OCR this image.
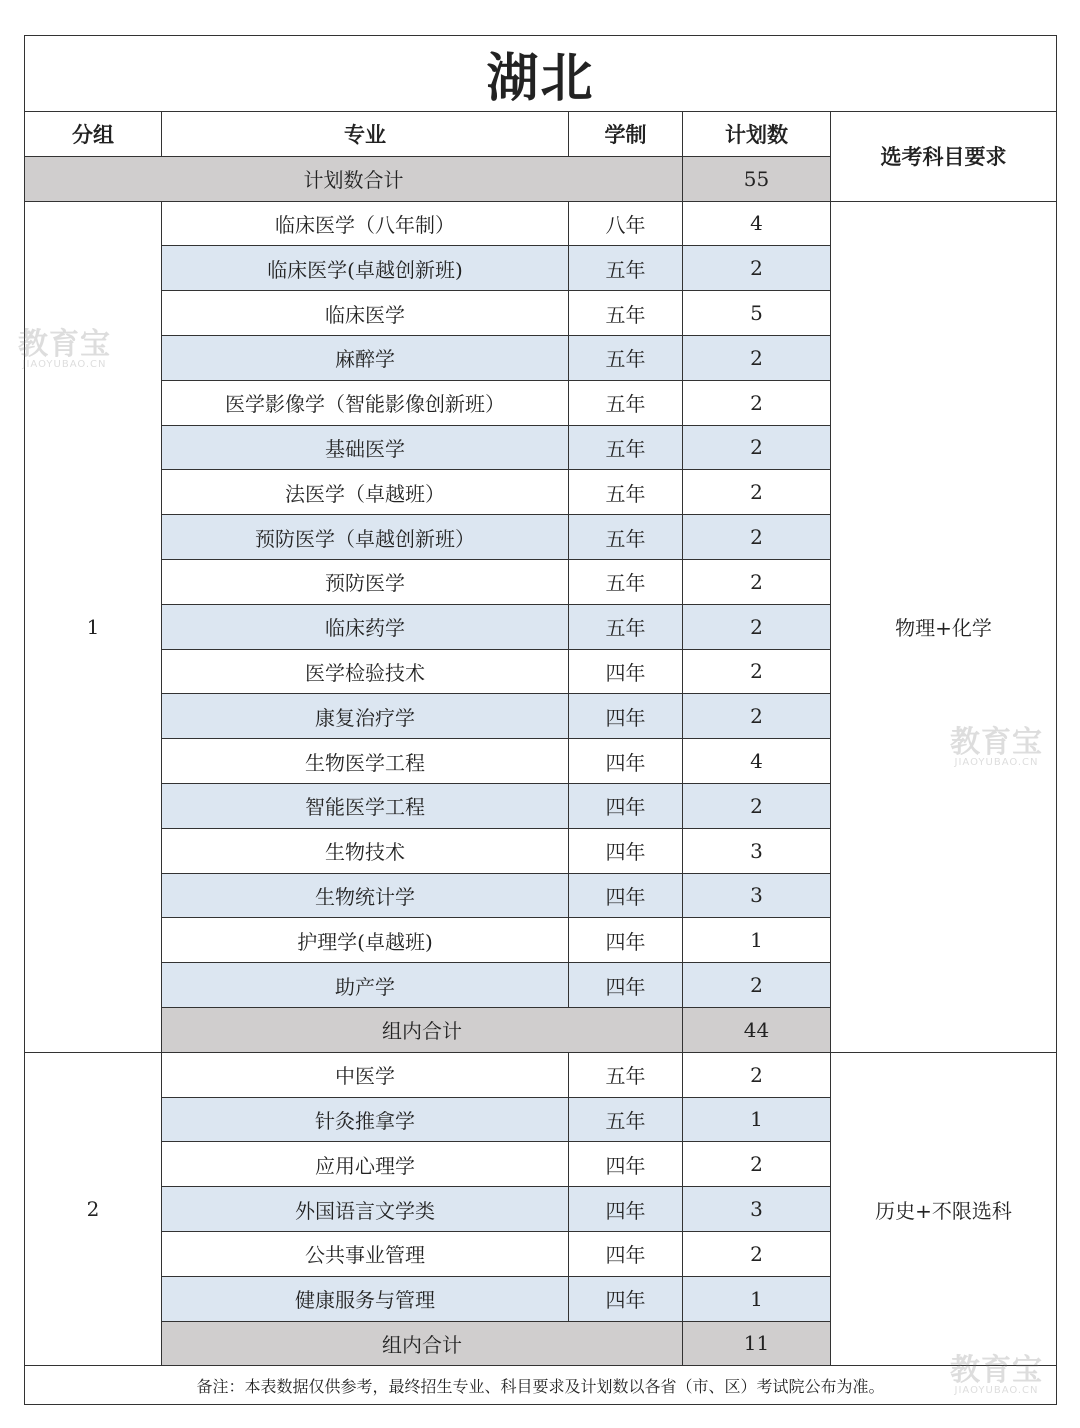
湖北				
分组	专业	学制	计划数	选考科目要求
计划数合计			55	
1	临床医学（八年制）	八年	4	物理+化学
	临床医学(卓越创新班)	五年	2	
	临床医学	五年	5	
	麻醉学	五年	2	
	医学影像学（智能影像创新班）	五年	2	
	基础医学	五年	2	
	法医学（卓越班）	五年	2	
	预防医学（卓越创新班）	五年	2	
	预防医学	五年	2	
	临床药学	五年	2	
	医学检验技术	四年	2	
	康复治疗学	四年	2	
	生物医学工程	四年	4	
	智能医学工程	四年	2	
	生物技术	四年	3	
	生物统计学	四年	3	
	护理学(卓越班)	四年	1	
	助产学	四年	2	
	组内合计		44	
2	中医学	五年	2	历史+不限选科
	针灸推拿学	五年	1	
	应用心理学	四年	2	
	外国语言文学类	四年	3	
	公共事业管理	四年	2	
	健康服务与管理	四年	1	
	组内合计		11	
备注：本表数据仅供参考，最终招生专业、科目要求及计划数以各省（市、区）考试院公布为准。				
教育宝
JIAOYUBAO.CN
教育宝
JIAOYUBAO.CN
教育宝
JIAOYUBAO.CN
